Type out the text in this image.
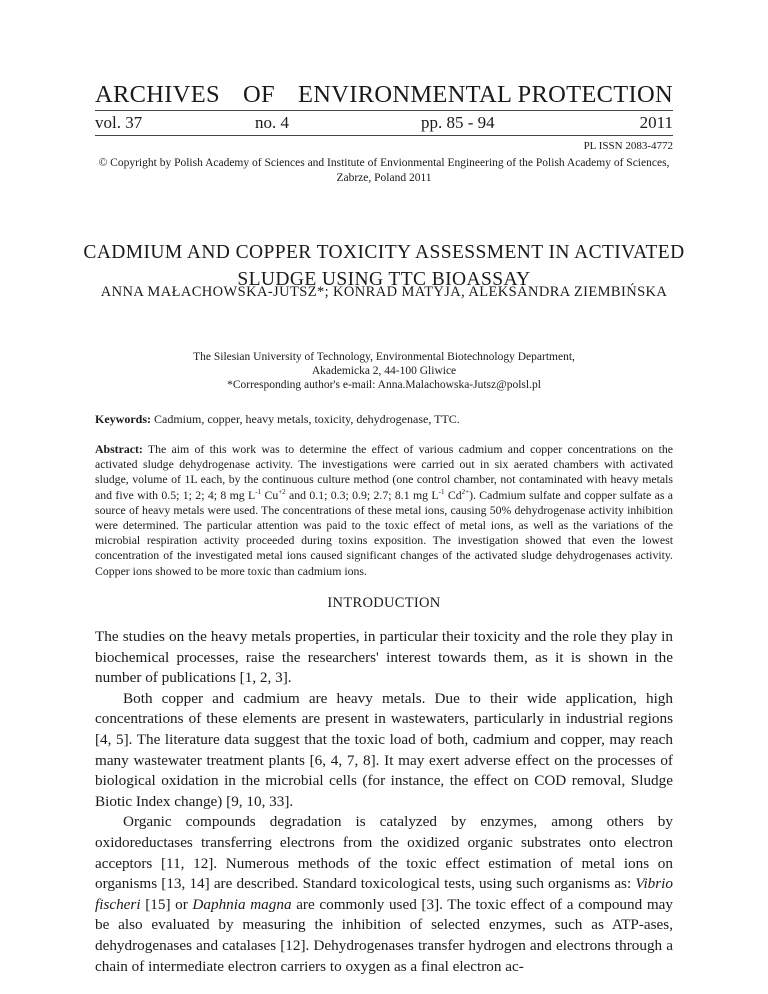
ARCHIVES OF ENVIRONMENTAL PROTECTION
vol. 37	no. 4	pp. 85 - 94	2011
PL ISSN 2083-4772
© Copyright by Polish Academy of Sciences and Institute of Envionmental Engineering of the Polish Academy of Sciences, Zabrze, Poland 2011
CADMIUM AND COPPER TOXICITY ASSESSMENT IN ACTIVATED SLUDGE USING TTC BIOASSAY
ANNA MAŁACHOWSKA-JUTSZ*; KONRAD MATYJA, ALEKSANDRA ZIEMBIŃSKA
The Silesian University of Technology, Environmental Biotechnology Department,
Akademicka 2, 44-100 Gliwice
*Corresponding author's e-mail: Anna.Malachowska-Jutsz@polsl.pl
Keywords: Cadmium, copper, heavy metals, toxicity, dehydrogenase, TTC.
Abstract: The aim of this work was to determine the effect of various cadmium and copper concentrations on the activated sludge dehydrogenase activity. The investigations were carried out in six aerated chambers with activated sludge, volume of 1L each, by the continuous culture method (one control chamber, not contaminated with heavy metals and five with 0.5; 1; 2; 4; 8 mg $L^{-1}$ $Cu^{+2}$ and 0.1; 0.3; 0.9; 2.7; 8.1 mg $L^{-1}$ $Cd^{2+}$). Cadmium sulfate and copper sulfate as a source of heavy metals were used. The concentrations of these metal ions, causing 50% dehydrogenase activity inhibition were determined. The particular attention was paid to the toxic effect of metal ions, as well as the variations of the microbial respiration activity proceeded during toxins exposition. The investigation showed that even the lowest concentration of the investigated metal ions caused significant changes of the activated sludge dehydrogenases activity. Copper ions showed to be more toxic than cadmium ions.
INTRODUCTION

The studies on the heavy metals properties, in particular their toxicity and the role they play in biochemical processes, raise the researchers' interest towards them, as it is shown in the number of publications [1, 2, 3].

Both copper and cadmium are heavy metals. Due to their wide application, high concentrations of these elements are present in wastewaters, particularly in industrial regions [4, 5]. The literature data suggest that the toxic load of both, cadmium and copper, may reach many wastewater treatment plants [6, 4, 7, 8]. It may exert adverse effect on the processes of biological oxidation in the microbial cells (for instance, the effect on COD removal, Sludge Biotic Index change) [9, 10, 33].

Organic compounds degradation is catalyzed by enzymes, among others by oxidoreductases transferring electrons from the oxidized organic substrates onto electron acceptors [11, 12]. Numerous methods of the toxic effect estimation of metal ions on organisms [13, 14] are described. Standard toxicological tests, using such organisms as: Vibrio fischeri [15] or Daphnia magna are commonly used [3]. The toxic effect of a compound may be also evaluated by measuring the inhibition of selected enzymes, such as ATP-ases, dehydrogenases and catalases [12]. Dehydrogenases transfer hydrogen and electrons through a chain of intermediate electron carriers to oxygen as a final electron ac-
